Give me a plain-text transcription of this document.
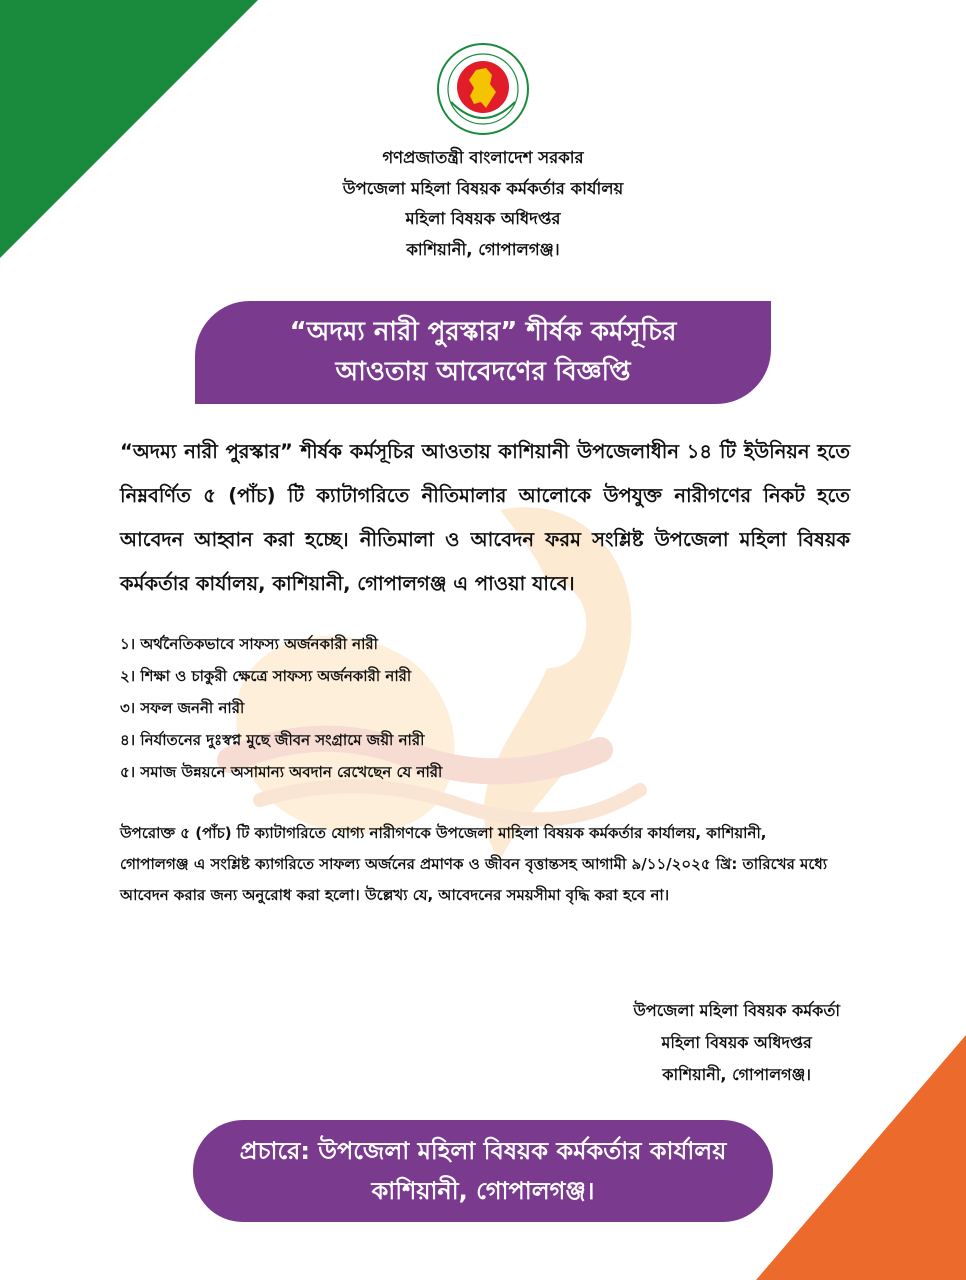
গণপ্রজাতন্ত্রী বাংলাদেশ সরকার
উপজেলা মহিলা বিষয়ক কর্মকর্তার কার্যালয়
মহিলা বিষয়ক অধিদপ্তর
কাশিয়ানী, গোপালগঞ্জ।
“অদম্য নারী পুরস্কার” শীর্ষক কর্মসূচির
আওতায় আবেদণের বিজ্ঞপ্তি
“অদম্য নারী পুরস্কার” শীর্ষক কর্মসূচির আওতায় কাশিয়ানী উপজেলাধীন ১৪ টি ইউনিয়ন হতে নিম্নবর্ণিত ৫ (পাঁচ) টি ক্যাটাগরিতে নীতিমালার আলোকে উপযুক্ত নারীগণের নিকট হতে আবেদন আহ্বান করা হচ্ছে। নীতিমালা ও আবেদন ফরম সংশ্লিষ্ট উপজেলা মহিলা বিষয়ক কর্মকর্তার কার্যালয়, কাশিয়ানী, গোপালগঞ্জ এ পাওয়া যাবে।
১। অর্থনৈতিকভাবে সাফস্য অর্জনকারী নারী
২। শিক্ষা ও চাকুরী ক্ষেত্রে সাফস্য অর্জনকারী নারী
৩। সফল জননী নারী
৪। নির্যাতনের দুঃস্বপ্ন মুছে জীবন সংগ্রামে জয়ী নারী
৫। সমাজ উন্নয়নে অসামান্য অবদান রেখেছেন যে নারী
উপরোক্ত ৫ (পাঁচ) টি ক্যাটাগরিতে যোগ্য নারীগণকে উপজেলা মাহিলা বিষয়ক কর্মকর্তার কার্যালয়, কাশিয়ানী, গোপালগঞ্জ এ সংশ্লিষ্ট ক্যাগরিতে সাফল্য অর্জনের প্রমাণক ও জীবন বৃত্তান্তসহ আগামী ৯/১১/২০২৫ খ্রি: তারিখের মধ্যে আবেদন করার জন্য অনুরোধ করা হলো। উল্লেখ্য যে, আবেদনের সময়সীমা বৃদ্ধি করা হবে না।
উপজেলা মহিলা বিষয়ক কর্মকর্তা
মহিলা বিষয়ক অধিদপ্তর
কাশিয়ানী, গোপালগঞ্জ।
প্রচারে: উপজেলা মহিলা বিষয়ক কর্মকর্তার কার্যালয়
কাশিয়ানী, গোপালগঞ্জ।
